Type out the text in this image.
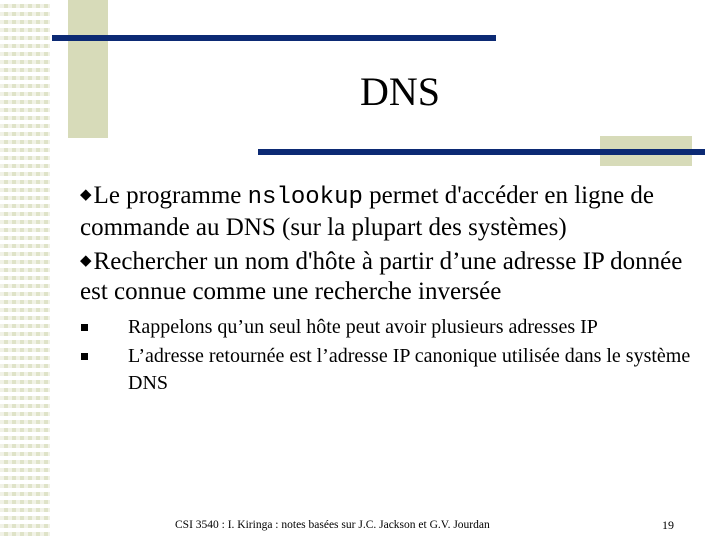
DNS

◆Le programme nslookup permet d'accéder en ligne de commande au DNS (sur la plupart des systèmes)

◆Rechercher un nom d'hôte à partir d’une adresse IP donnée est connue comme une recherche inversée

Rappelons qu’un seul hôte peut avoir plusieurs adresses IP
L’adresse retournée est l’adresse IP canonique utilisée dans le système DNS
CSI 3540 : I. Kiringa : notes basées sur J.C. Jackson et G.V. Jourdan	19
